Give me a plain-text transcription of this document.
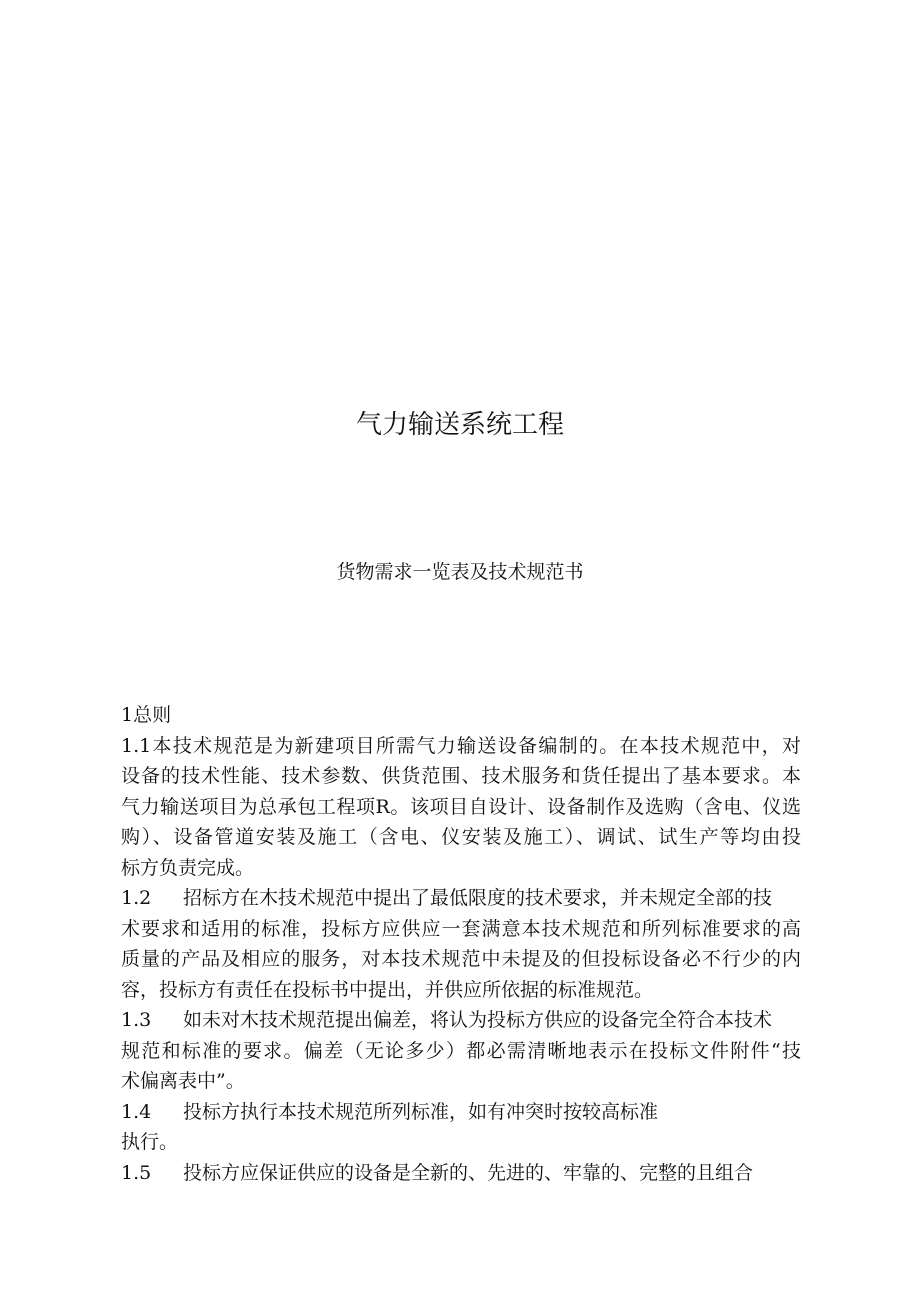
气力输送系统工程
货物需求一览表及技术规范书
1总则
1.1本技术规范是为新建项目所需气力输送设备编制的。在本技术规范中，对
设备的技术性能、技术参数、供货范围、技术服务和货任提出了基本要求。本
气力输送项目为总承包工程项R。该项目自设计、设备制作及选购（含电、仪选
购）、设备管道安装及施工（含电、仪安装及施工）、调试、试生产等均由投
标方负责完成。
1.2 招标方在木技术规范中提出了最低限度的技术要求，并未规定全部的技
术要求和适用的标准，投标方应供应一套满意本技术规范和所列标准要求的高
质量的产品及相应的服务，对本技术规范中未提及的但投标设备必不行少的内
容，投标方有责任在投标书中提出，并供应所依据的标准规范。
1.3 如未对木技术规范提出偏差，将认为投标方供应的设备完全符合本技术
规范和标准的要求。偏差（无论多少）都必需清晰地表示在投标文件附件“技
术偏离表中”。
1.4 投标方执行本技术规范所列标准，如有冲突时按较高标准
执行。
1.5 投标方应保证供应的设备是全新的、先进的、牢靠的、完整的且组合
